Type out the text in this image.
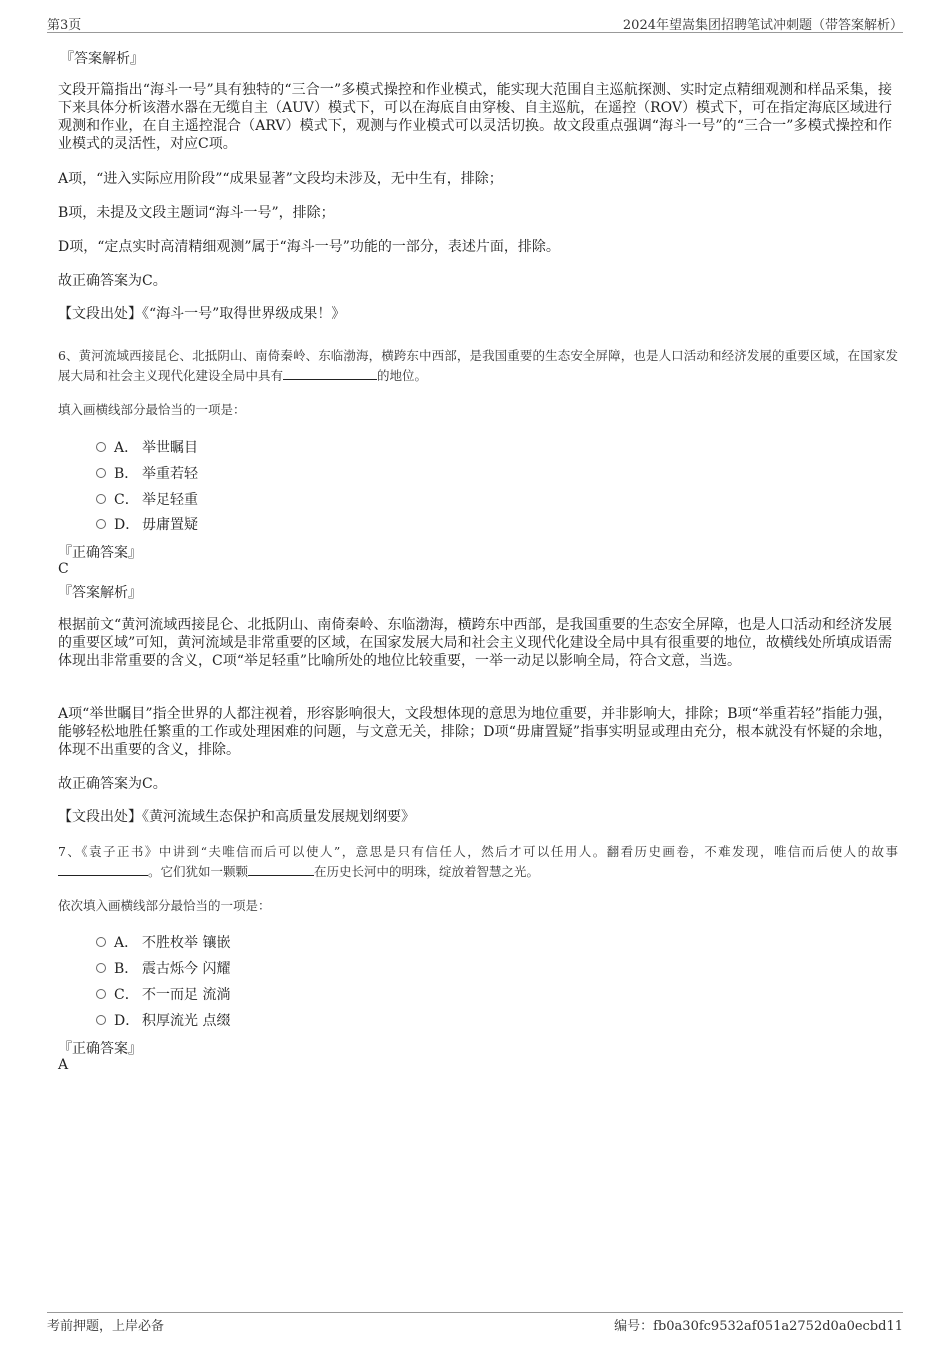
第3页	2024年望嵩集团招聘笔试冲刺题（带答案解析）
『答案解析』
文段开篇指出“海斗一号”具有独特的“三合一”多模式操控和作业模式，能实现大范围自主巡航探测、实时定点精细观测和样品采集，接下来具体分析该潜水器在无缆自主（AUV）模式下，可以在海底自由穿梭、自主巡航，在遥控（ROV）模式下，可在指定海底区域进行观测和作业，在自主遥控混合（ARV）模式下，观测与作业模式可以灵活切换。故文段重点强调“海斗一号”的“三合一”多模式操控和作业模式的灵活性，对应C项。
A项，“进入实际应用阶段”“成果显著”文段均未涉及，无中生有，排除；
B项，未提及文段主题词“海斗一号”，排除；
D项，“定点实时高清精细观测”属于“海斗一号”功能的一部分，表述片面，排除。
故正确答案为C。
【文段出处】《“海斗一号”取得世界级成果！》
6、黄河流域西接昆仑、北抵阴山、南倚秦岭、东临渤海，横跨东中西部，是我国重要的生态安全屏障，也是人口活动和经济发展的重要区域，在国家发展大局和社会主义现代化建设全局中具有	的地位。
填入画横线部分最恰当的一项是：
A． 举世瞩目
B． 举重若轻
C． 举足轻重
D． 毋庸置疑
『正确答案』
C
『答案解析』
根据前文“黄河流域西接昆仑、北抵阴山、南倚秦岭、东临渤海，横跨东中西部，是我国重要的生态安全屏障，也是人口活动和经济发展的重要区域”可知，黄河流域是非常重要的区域，在国家发展大局和社会主义现代化建设全局中具有很重要的地位，故横线处所填成语需体现出非常重要的含义，C项“举足轻重”比喻所处的地位比较重要，一举一动足以影响全局，符合文意，当选。
A项“举世瞩目”指全世界的人都注视着，形容影响很大，文段想体现的意思为地位重要，并非影响大，排除；B项“举重若轻”指能力强，能够轻松地胜任繁重的工作或处理困难的问题，与文意无关，排除；D项“毋庸置疑”指事实明显或理由充分，根本就没有怀疑的余地，体现不出重要的含义，排除。
故正确答案为C。
【文段出处】《黄河流域生态保护和高质量发展规划纲要》
7、《袁子正书》中讲到“夫唯信而后可以使人”，意思是只有信任人，然后才可以任用人。翻看历史画卷，不难发现，唯信而后使人的故事。它们犹如一颗颗	在历史长河中的明珠，绽放着智慧之光。
依次填入画横线部分最恰当的一项是：
A． 不胜枚举 镶嵌
B． 震古烁今 闪耀
C． 不一而足 流淌
D． 积厚流光 点缀
『正确答案』
A
考前押题，上岸必备	编号：fb0a30fc9532af051a2752d0a0ecbd11
